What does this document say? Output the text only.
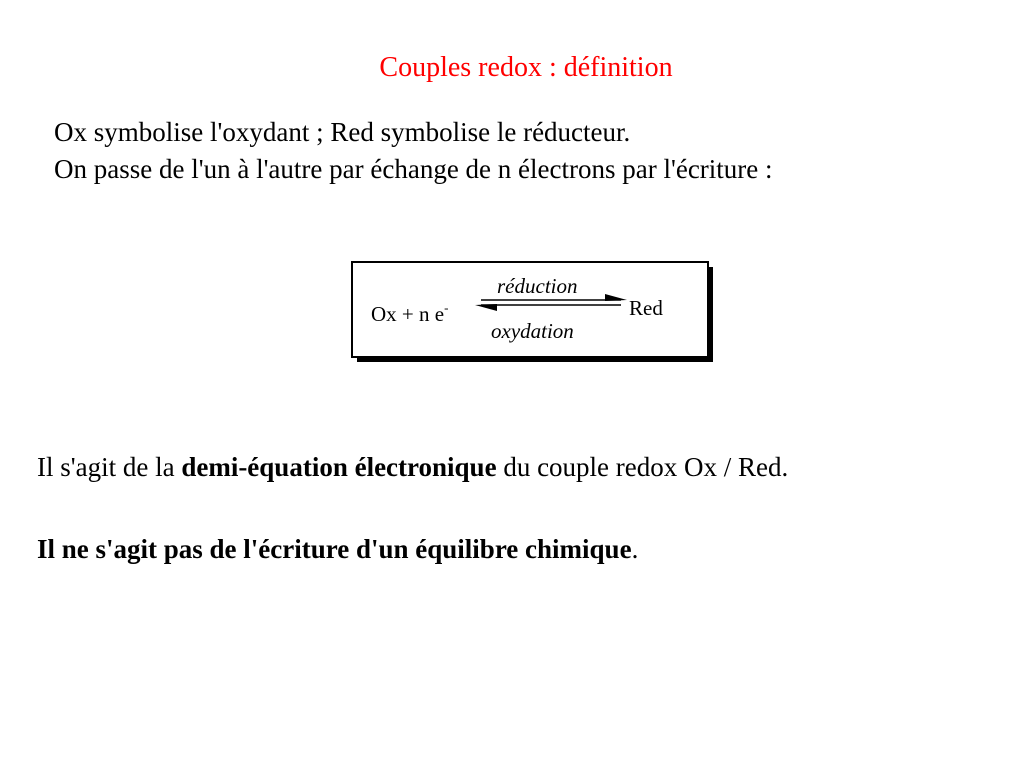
Couples redox : définition

Ox symbolise l'oxydant ; Red symbolise le réducteur.

On passe de l'un à l'autre par échange de n électrons par l'écriture :

Ox + n e-
réduction
Red
oxydation

Il s'agit de la demi-équation électronique du couple redox Ox / Red.

Il ne s'agit pas de l'écriture d'un équilibre chimique.
